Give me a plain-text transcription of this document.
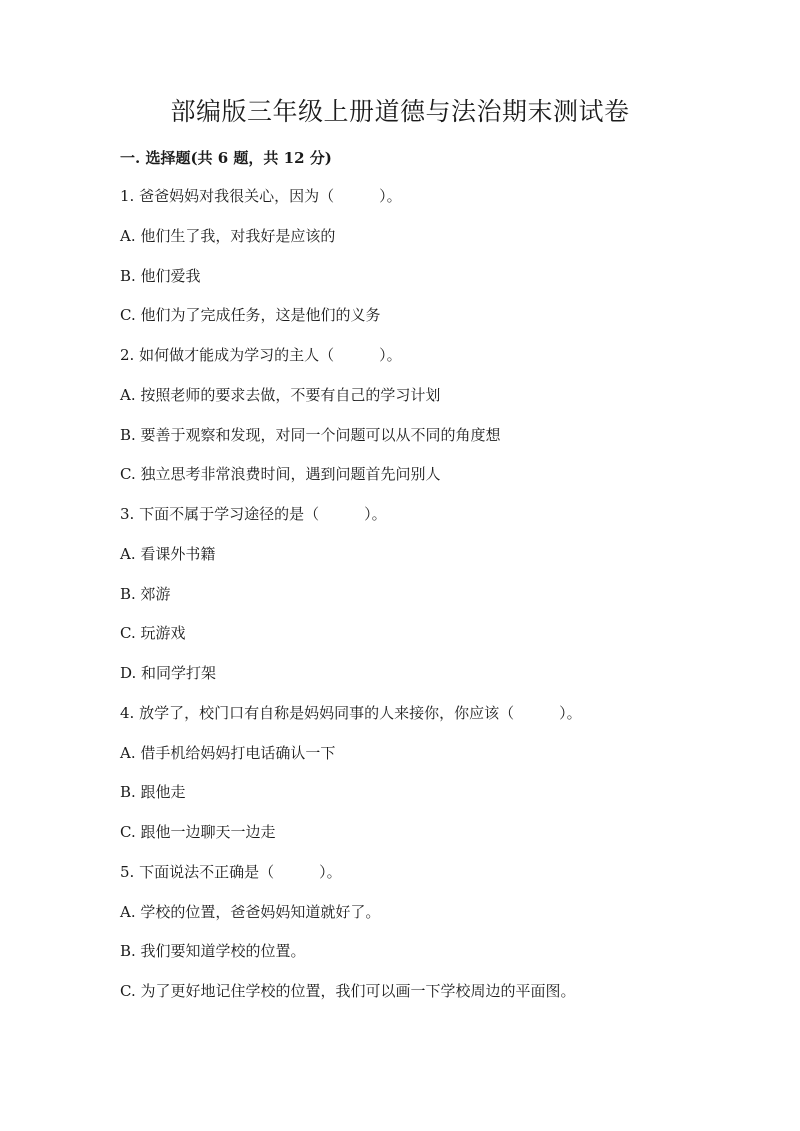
部编版三年级上册道德与法治期末测试卷
一. 选择题(共 6 题，共 12 分)
1. 爸爸妈妈对我很关心，因为（　　　）。
A. 他们生了我，对我好是应该的
B. 他们爱我
C. 他们为了完成任务，这是他们的义务
2. 如何做才能成为学习的主人（　　　）。
A. 按照老师的要求去做，不要有自己的学习计划
B. 要善于观察和发现，对同一个问题可以从不同的角度想
C. 独立思考非常浪费时间，遇到问题首先问别人
3. 下面不属于学习途径的是（　　　）。
A. 看课外书籍
B. 郊游
C. 玩游戏
D. 和同学打架
4. 放学了，校门口有自称是妈妈同事的人来接你，你应该（　　　）。
A. 借手机给妈妈打电话确认一下
B. 跟他走
C. 跟他一边聊天一边走
5. 下面说法不正确是（　　　）。
A. 学校的位置，爸爸妈妈知道就好了。
B. 我们要知道学校的位置。
C. 为了更好地记住学校的位置，我们可以画一下学校周边的平面图。
